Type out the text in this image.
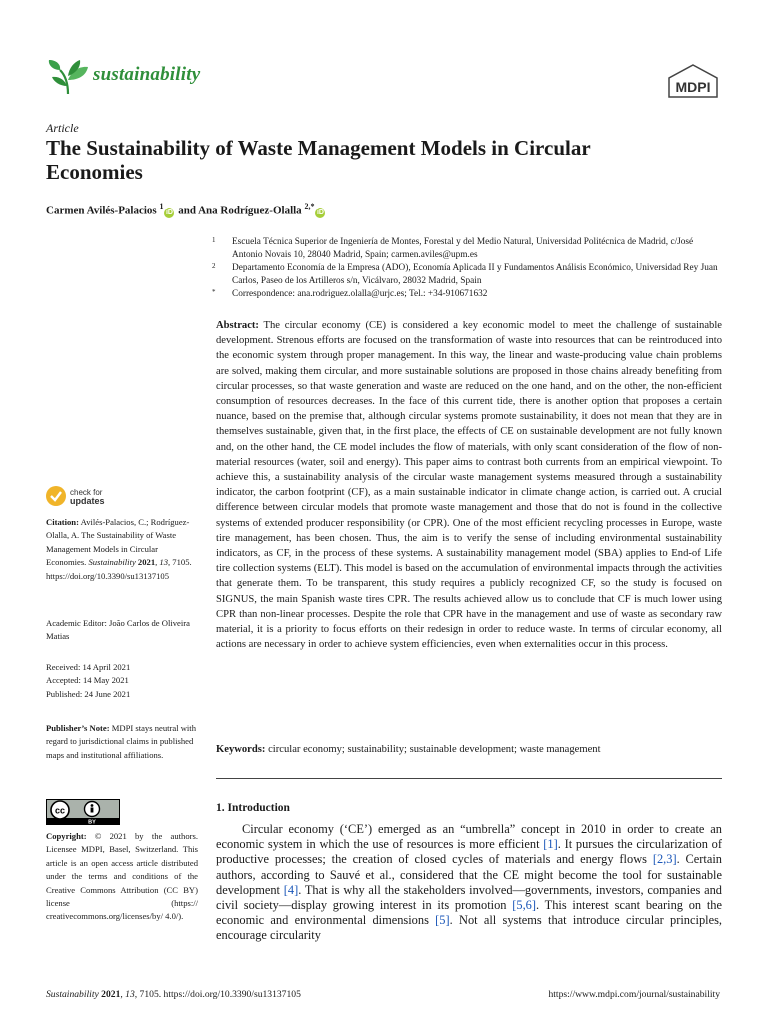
sustainability
MDPI
Article
The Sustainability of Waste Management Models in Circular Economies
Carmen Avilés-Palacios $^1$iD and Ana Rodríguez-Olalla $^{2,*}$iD
1 Escuela Técnica Superior de Ingeniería de Montes, Forestal y del Medio Natural, Universidad Politécnica de Madrid, c/José Antonio Novais 10, 28040 Madrid, Spain; carmen.aviles@upm.es
2 Departamento Economía de la Empresa (ADO), Economía Aplicada II y Fundamentos Análisis Económico, Universidad Rey Juan Carlos, Paseo de los Artilleros s/n, Vicálvaro, 28032 Madrid, Spain
* Correspondence: ana.rodriguez.olalla@urjc.es; Tel.: +34-910671632

Abstract: The circular economy (CE) is considered a key economic model to meet the challenge of sustainable development. Strenous efforts are focused on the transformation of waste into resources that can be reintroduced into the economic system through proper management. In this way, the linear and waste-producing value chain problems are solved, making them circular, and more sustainable solutions are proposed in those chains already benefiting from circular processes, so that waste generation and waste are reduced on the one hand, and on the other, the non-efficient consumption of resources decreases. In the face of this current tide, there is another option that proposes a certain nuance, based on the premise that, although circular systems promote sustainability, it does not mean that they are in themselves sustainable, given that, in the first place, the effects of CE on sustainable development are not fully known and, on the other hand, the CE model includes the flow of materials, with only scant consideration of the flow of non-material resources (water, soil and energy). This paper aims to contrast both currents from an empirical viewpoint. To achieve this, a sustainability analysis of the circular waste management systems measured through a sustainability indicator, the carbon footprint (CF), as a main sustainable indicator in climate change action, is carried out. A crucial difference between circular models that promote waste management and those that do not is found in the collective systems of extended producer responsibility (or CPR). One of the most efficient recycling processes in Europe, waste tire management, has been chosen. Thus, the aim is to verify the sense of including environmental sustainability indicators, as CF, in the process of these systems. A sustainability management model (SBA) applies to End-of Life tire collection systems (ELT). This model is based on the accumulation of environmental impacts through the activities that generate them. To be transparent, this study requires a publicly recognized CF, so the study is focused on SIGNUS, the main Spanish waste tires CPR. The results achieved allow us to conclude that CF is much lower using CPR than non-linear processes. Despite the role that CPR have in the management and use of waste as secondary raw material, it is a priority to focus efforts on their redesign in order to reduce waste. In terms of circular economy, all actions are necessary in order to achieve system efficiencies, even when externalities occur in this process.

Keywords: circular economy; sustainability; sustainable development; waste management
check for
updates

Citation: Avilés-Palacios, C.; Rodríguez-Olalla, A. The Sustainability of Waste Management Models in Circular Economies. Sustainability 2021, 13, 7105. https://doi.org/10.3390/su13137105

Academic Editor: João Carlos de Oliveira Matias

Received: 14 April 2021
Accepted: 14 May 2021
Published: 24 June 2021

Publisher’s Note: MDPI stays neutral with regard to jurisdictional claims in published maps and institutional affiliations.

cc
BY

Copyright: © 2021 by the authors. Licensee MDPI, Basel, Switzerland. This article is an open access article distributed under the terms and conditions of the Creative Commons Attribution (CC BY) license (https:// creativecommons.org/licenses/by/ 4.0/).

1. Introduction

Circular economy (‘CE’) emerged as an “umbrella” concept in 2010 in order to create an economic system in which the use of resources is more efficient [1]. It pursues the circularization of productive processes; the creation of closed cycles of materials and energy flows [2,3]. Certain authors, according to Sauvé et al., considered that the CE might become the tool for sustainable development [4]. That is why all the stakeholders involved—governments, investors, companies and civil society—display growing interest in its promotion [5,6]. This interest scant bearing on the economic and environmental dimensions [5]. Not all systems that introduce circular principles, encourage circularity

Sustainability 2021, 13, 7105. https://doi.org/10.3390/su13137105	https://www.mdpi.com/journal/sustainability
